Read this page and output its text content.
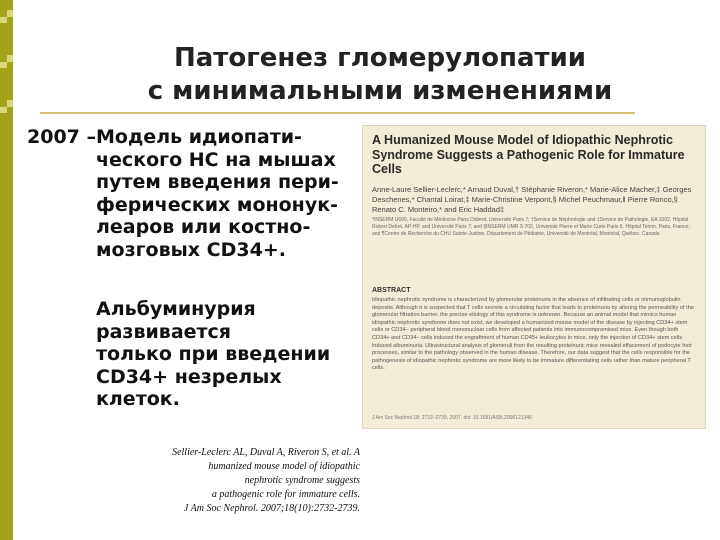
Патогенез гломерулопатии
с минимальными изменениями
2007 –Модель идиопати-
ческого НС на мышах
путем введения пери-
ферических мононук-
леаров или костно-
мозговых CD34+.
Альбуминурия
развивается
только при введении
CD34+ незрелых
клеток.
Sellier-Leclerc AL, Duval A, Riveron S, et al. A
humanized mouse model of idiopathic
nephrotic syndrome suggests
a pathogenic role for immature cells.
J Am Soc Nephrol. 2007;18(10):2732-2739.
A Humanized Mouse Model of Idiopathic Nephrotic Syndrome Suggests a Pathogenic Role for Immature Cells
Anne-Laure Sellier-Leclerc,* Arnaud Duval,† Stéphanie Riveron,* Marie-Alice Macher,‡ Georges Deschenes,* Chantal Loirat,‡ Marie-Christine Verpont,§ Michel Peuchmaur,‖ Pierre Ronco,§ Renato C. Monteiro,* and Eric Haddad‡
*INSERM U699, Faculté de Médecine Paris Diderot, Université Paris 7; †Service de Néphrologie and ‡Service de Pathologie, EA 3102, Hôpital Robert Debré, AP-HP, and Université Paris 7; and §INSERM UMR S 702, Université Pierre et Marie Curie-Paris 6, Hôpital Tenon, Paris, France; and ¶Centre de Recherche du CHU Sainte-Justine, Département de Pédiatrie, Université de Montréal, Montréal, Québec, Canada
ABSTRACT
Idiopathic nephrotic syndrome is characterized by glomerular proteinuria in the absence of infiltrating cells or immunoglobulin deposits. Although it is suspected that T cells secrete a circulating factor that leads to proteinuria by altering the permeability of the glomerular filtration barrier, the precise etiology of this syndrome is unknown. Because an animal model that mimics human idiopathic nephrotic syndrome does not exist, we developed a humanized mouse model of the disease by injecting CD34+ stem cells or CD34− peripheral blood mononuclear cells from affected patients into immunocompromised mice. Even though both CD34+ and CD34− cells induced the engraftment of human CD45+ leukocytes in mice, only the injection of CD34+ stem cells induced albuminuria. Ultrastructural analysis of glomeruli from the resulting proteinuric mice revealed effacement of podocyte foot processes, similar to the pathology observed in the human disease. Therefore, our data suggest that the cells responsible for the pathogenesis of idiopathic nephrotic syndrome are more likely to be immature differentiating cells rather than mature peripheral T cells.
J Am Soc Nephrol 18: 2732–2739, 2007. doi: 10.1681/ASN.2006121346
